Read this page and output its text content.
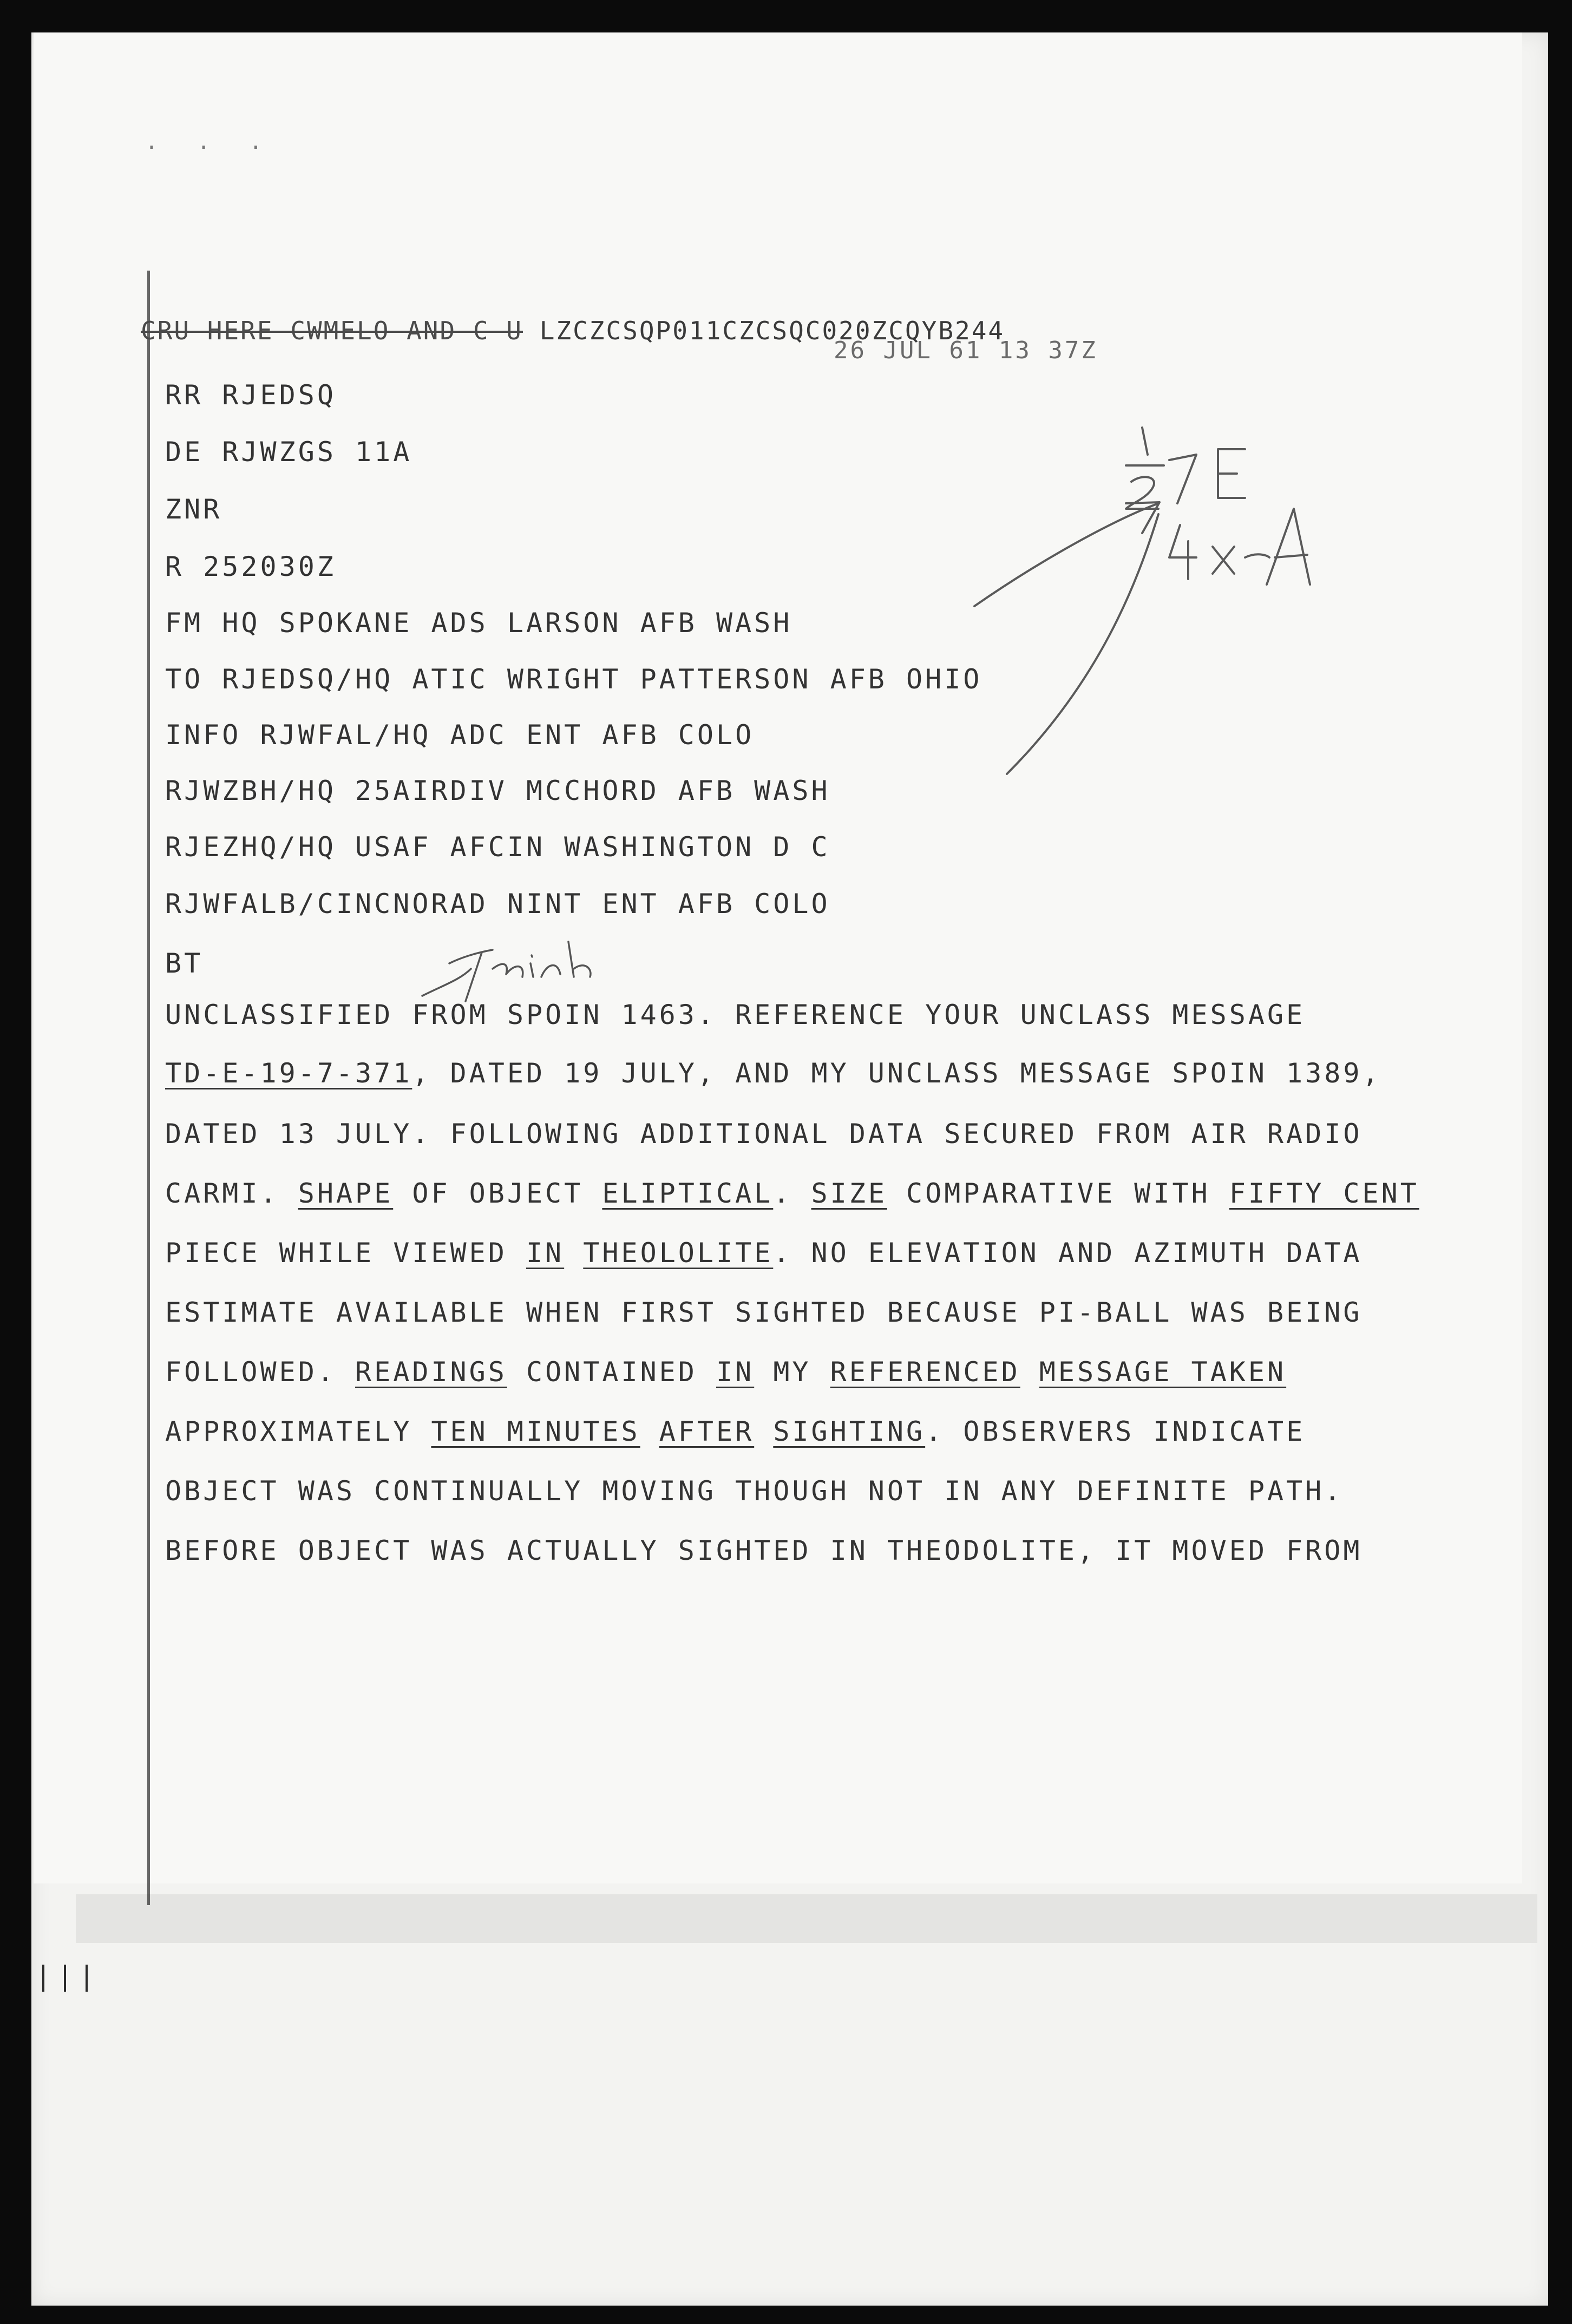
· · ·
CRU HERE CWMELO AND C U LZCZCSQP011CZCSQC020ZCQYB244
26 JUL 61 13 37Z
RR RJEDSQ
DE RJWZGS 11A
ZNR
R 252030Z
FM HQ SPOKANE ADS LARSON AFB WASH
TO RJEDSQ/HQ ATIC WRIGHT PATTERSON AFB OHIO
INFO RJWFAL/HQ ADC ENT AFB COLO
RJWZBH/HQ 25AIRDIV MCCHORD AFB WASH
RJEZHQ/HQ USAF AFCIN WASHINGTON D C
RJWFALB/CINCNORAD NINT ENT AFB COLO
BT
UNCLASSIFIED FROM SPOIN 1463. REFERENCE YOUR UNCLASS MESSAGE
TD-E-19-7-371, DATED 19 JULY, AND MY UNCLASS MESSAGE SPOIN 1389,
DATED 13 JULY. FOLLOWING ADDITIONAL DATA SECURED FROM AIR RADIO
CARMI. SHAPE OF OBJECT ELIPTICAL. SIZE COMPARATIVE WITH FIFTY CENT
PIECE WHILE VIEWED IN THEOLOLITE. NO ELEVATION AND AZIMUTH DATA
ESTIMATE AVAILABLE WHEN FIRST SIGHTED BECAUSE PI-BALL WAS BEING
FOLLOWED. READINGS CONTAINED IN MY REFERENCED MESSAGE TAKEN
APPROXIMATELY TEN MINUTES AFTER SIGHTING. OBSERVERS INDICATE
OBJECT WAS CONTINUALLY MOVING THOUGH NOT IN ANY DEFINITE PATH.
BEFORE OBJECT WAS ACTUALLY SIGHTED IN THEODOLITE, IT MOVED FROM
